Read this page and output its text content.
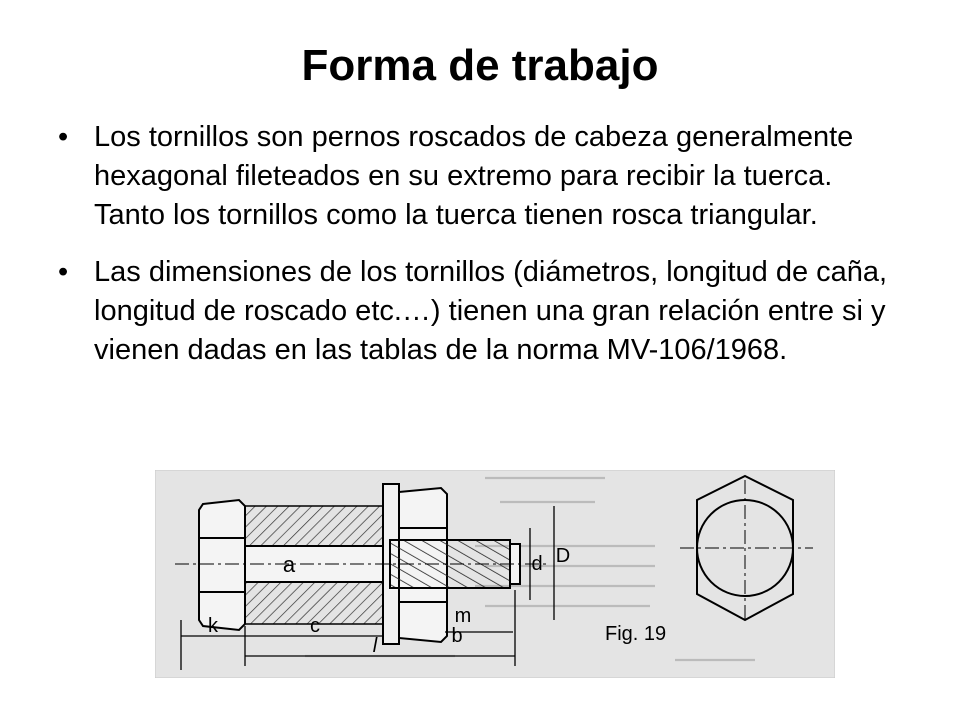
Forma de trabajo
• Los tornillos son pernos roscados de cabeza generalmente hexagonal fileteados en su extremo para recibir la tuerca. Tanto los tornillos como la tuerca tienen rosca triangular.
• Las dimensiones de los tornillos (diámetros, longitud de caña, longitud de roscado etc.…) tienen una gran relación entre si y vienen dadas en las tablas de la norma MV-106/1968.
a	d D
m
k	c	b
l
Fig. 19
